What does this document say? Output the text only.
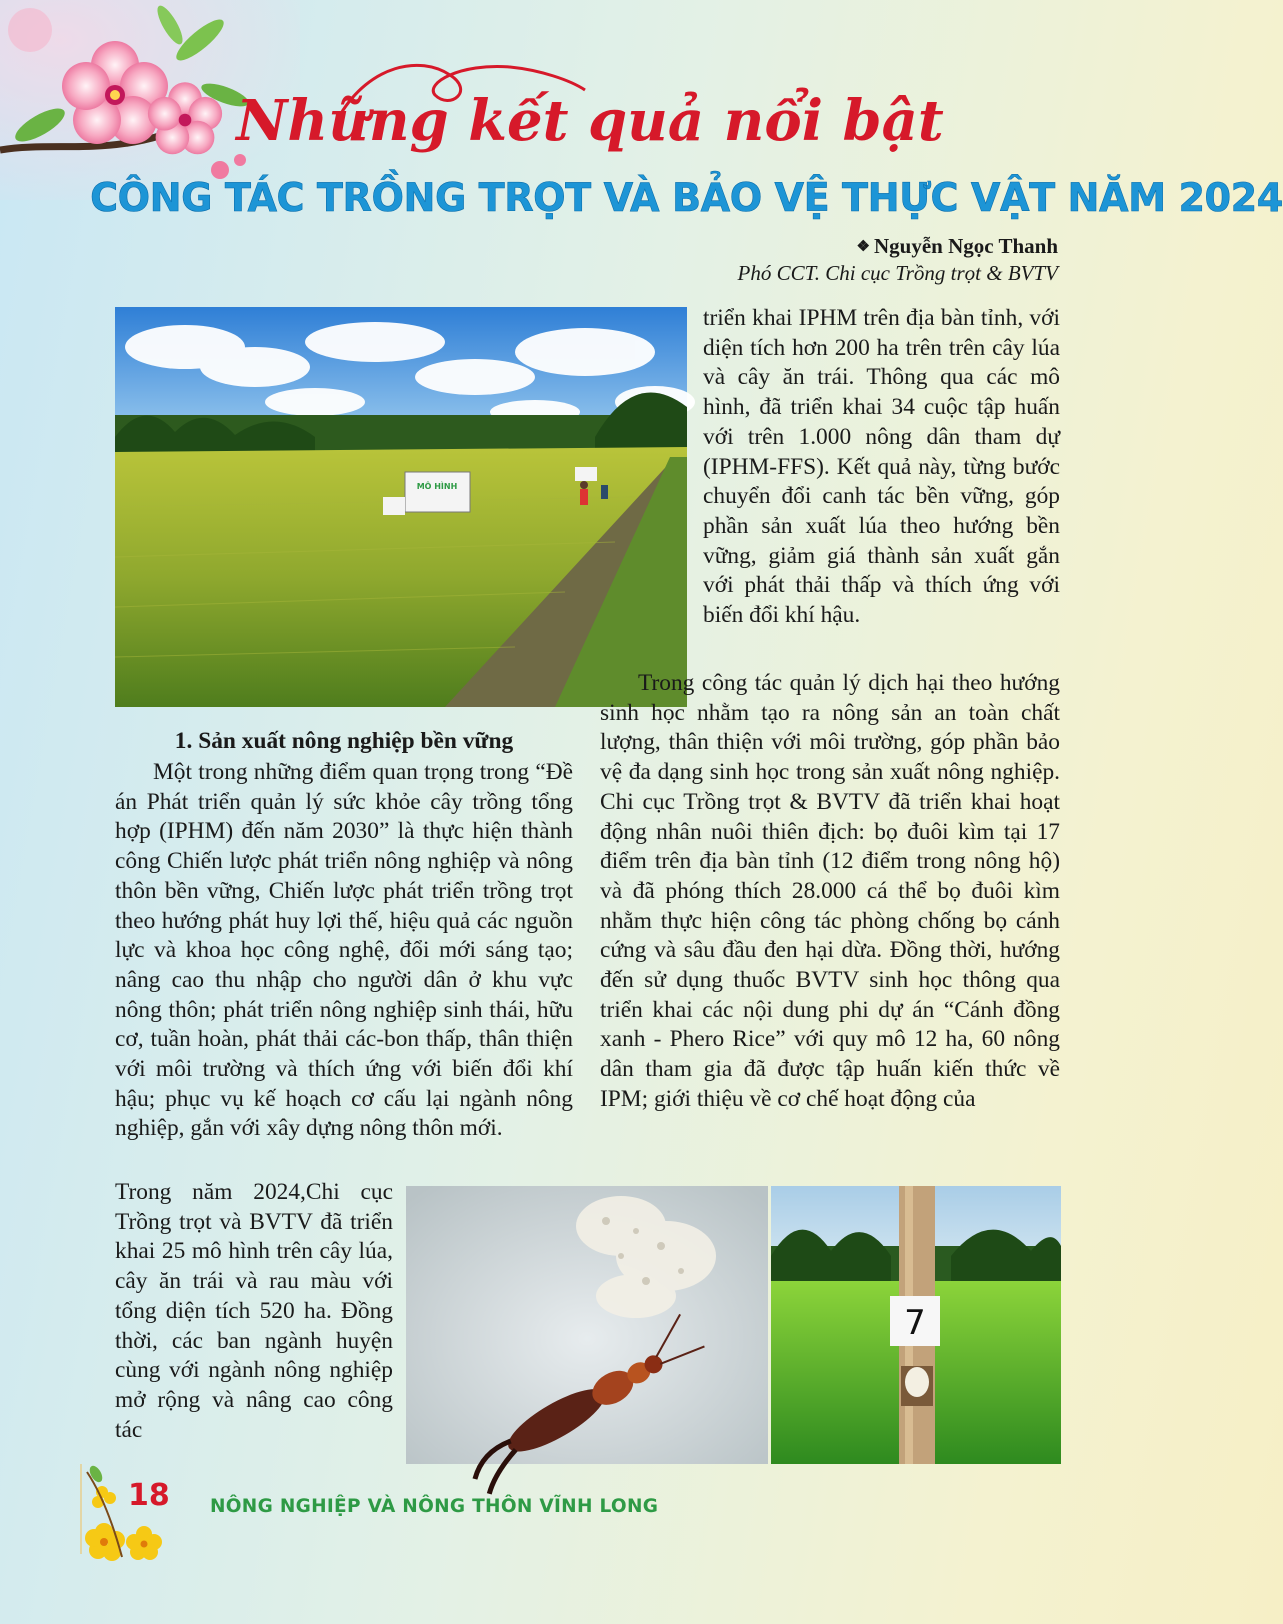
Những kết quả nổi bật
CÔNG TÁC TRỒNG TRỌT VÀ BẢO VỆ THỰC VẬT NĂM 2024
❖ Nguyễn Ngọc Thanh
Phó CCT. Chi cục Trồng trọt & BVTV
MÔ HÌNH
1. Sản xuất nông nghiệp bền vững

triển khai IPHM trên địa bàn tỉnh, với diện tích hơn 200 ha trên trên cây lúa và cây ăn trái. Thông qua các mô hình, đã triển khai 34 cuộc tập huấn với trên 1.000 nông dân tham dự (IPHM-FFS). Kết quả này, từng bước chuyển đổi canh tác bền vững, góp phần sản xuất lúa theo hướng bền vững, giảm giá thành sản xuất gắn với phát thải thấp và thích ứng với biến đổi khí hậu.

Trong công tác quản lý dịch hại theo hướng sinh học nhằm tạo ra nông sản an toàn chất lượng, thân thiện với môi trường, góp phần bảo vệ đa dạng sinh học trong sản xuất nông nghiệp. Chi cục Trồng trọt & BVTV đã triển khai hoạt động nhân nuôi thiên địch: bọ đuôi kìm tại 17 điểm trên địa bàn tỉnh (12 điểm trong nông hộ) và đã phóng thích 28.000 cá thể bọ đuôi kìm nhằm thực hiện công tác phòng chống bọ cánh cứng và sâu đầu đen hại dừa. Đồng thời, hướng đến sử dụng thuốc BVTV sinh học thông qua triển khai các nội dung phi dự án “Cánh đồng xanh - Phero Rice” với quy mô 12 ha, 60 nông dân tham gia đã được tập huấn kiến thức về IPM; giới thiệu về cơ chế hoạt động của

Một trong những điểm quan trọng trong “Đề án Phát triển quản lý sức khỏe cây trồng tổng hợp (IPHM) đến năm 2030” là thực hiện thành công Chiến lược phát triển nông nghiệp và nông thôn bền vững, Chiến lược phát triển trồng trọt theo hướng phát huy lợi thế, hiệu quả các nguồn lực và khoa học công nghệ, đổi mới sáng tạo; nâng cao thu nhập cho người dân ở khu vực nông thôn; phát triển nông nghiệp sinh thái, hữu cơ, tuần hoàn, phát thải các-bon thấp, thân thiện với môi trường và thích ứng với biến đổi khí hậu; phục vụ kế hoạch cơ cấu lại ngành nông nghiệp, gắn với xây dựng nông thôn mới.

Trong năm 2024,Chi cục Trồng trọt và BVTV đã triển khai 25 mô hình trên cây lúa, cây ăn trái và rau màu với tổng diện tích 520 ha. Đồng thời, các ban ngành huyện cùng với ngành nông nghiệp mở rộng và nâng cao công tác

7
18 NÔNG NGHIỆP VÀ NÔNG THÔN VĨNH LONG
